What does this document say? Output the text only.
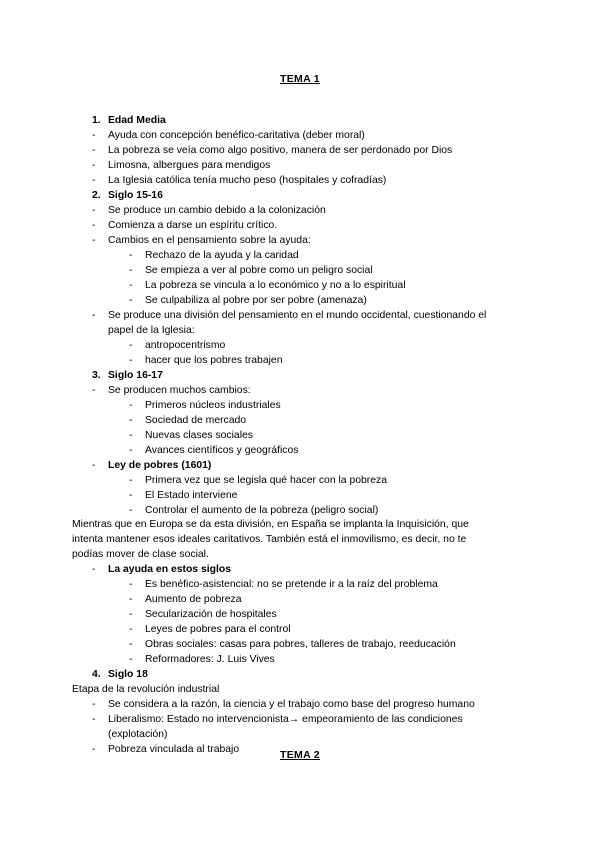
TEMA 1
1. Edad Media
- Ayuda con concepción benéfico-caritativa (deber moral)
- La pobreza se veía como algo positivo, manera de ser perdonado por Dios
- Limosna, albergues para mendigos
- La Iglesia católica tenía mucho peso (hospitales y cofradías)
2. Siglo 15-16
- Se produce un cambio debido a la colonización
- Comienza a darse un espíritu crítico.
- Cambios en el pensamiento sobre la ayuda:
- Rechazo de la ayuda y la caridad
- Se empieza a ver al pobre como un peligro social
- La pobreza se vincula a lo económico y no a lo espiritual
- Se culpabiliza al pobre por ser pobre (amenaza)
- Se produce una división del pensamiento en el mundo occidental, cuestionando el
papel de la Iglesia:
- antropocentrismo
- hacer que los pobres trabajen
3. Siglo 16-17
- Se producen muchos cambios:
- Primeros núcleos industriales
- Sociedad de mercado
- Nuevas clases sociales
- Avances científicos y geográficos
- Ley de pobres (1601)
- Primera vez que se legisla qué hacer con la pobreza
- El Estado interviene
- Controlar el aumento de la pobreza (peligro social)
Mientras que en Europa se da esta división, en España se implanta la Inquisición, que
intenta mantener esos ideales caritativos. También está el inmovilismo, es decir, no te
podías mover de clase social.
- La ayuda en estos siglos
- Es benéfico-asistencial: no se pretende ir a la raíz del problema
- Aumento de pobreza
- Secularización de hospitales
- Leyes de pobres para el control
- Obras sociales: casas para pobres, talleres de trabajo, reeducación
- Reformadores: J. Luis Vives
4. Siglo 18
Etapa de la revolución industrial
- Se considera a la razón, la ciencia y el trabajo como base del progreso humano
- Liberalismo: Estado no intervencionista→ empeoramiento de las condiciones
(explotación)
- Pobreza vinculada al trabajo	TEMA 2
